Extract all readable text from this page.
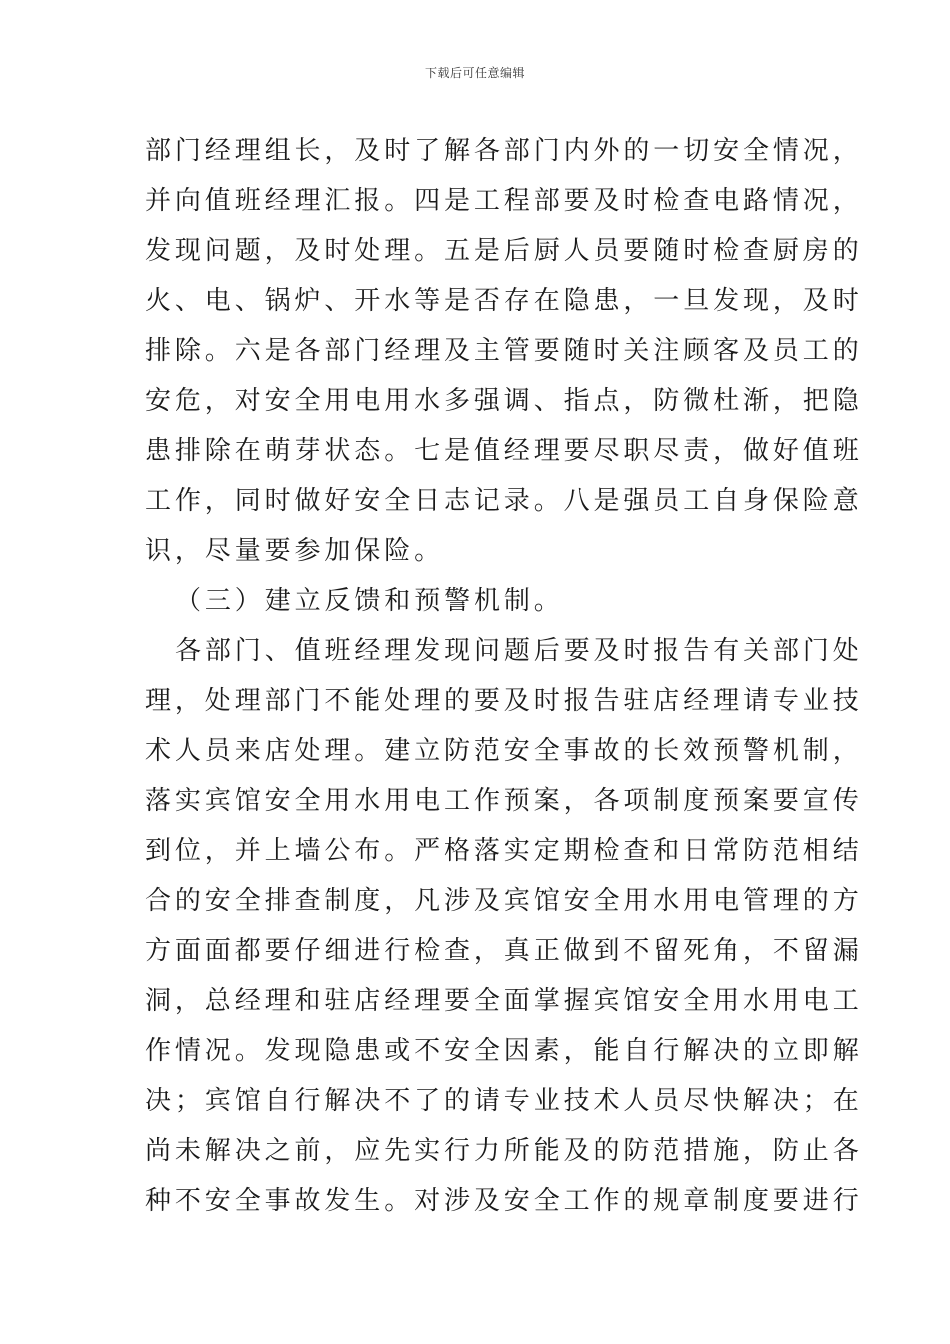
下载后可任意编辑
部门经理组长，及时了解各部门内外的一切安全情况，
并向值班经理汇报。四是工程部要及时检查电路情况，
发现问题，及时处理。五是后厨人员要随时检查厨房的
火、电、锅炉、开水等是否存在隐患，一旦发现，及时
排除。六是各部门经理及主管要随时关注顾客及员工的
安危，对安全用电用水多强调、指点，防微杜渐，把隐
患排除在萌芽状态。七是值经理要尽职尽责，做好值班
工作，同时做好安全日志记录。八是强员工自身保险意
识，尽量要参加保险。
（三）建立反馈和预警机制。
各部门、值班经理发现问题后要及时报告有关部门处
理，处理部门不能处理的要及时报告驻店经理请专业技
术人员来店处理。建立防范安全事故的长效预警机制，
落实宾馆安全用水用电工作预案，各项制度预案要宣传
到位，并上墙公布。严格落实定期检查和日常防范相结
合的安全排查制度，凡涉及宾馆安全用水用电管理的方
方面面都要仔细进行检查，真正做到不留死角，不留漏
洞，总经理和驻店经理要全面掌握宾馆安全用水用电工
作情况。发现隐患或不安全因素，能自行解决的立即解
决；宾馆自行解决不了的请专业技术人员尽快解决；在
尚未解决之前，应先实行力所能及的防范措施，防止各
种不安全事故发生。对涉及安全工作的规章制度要进行
